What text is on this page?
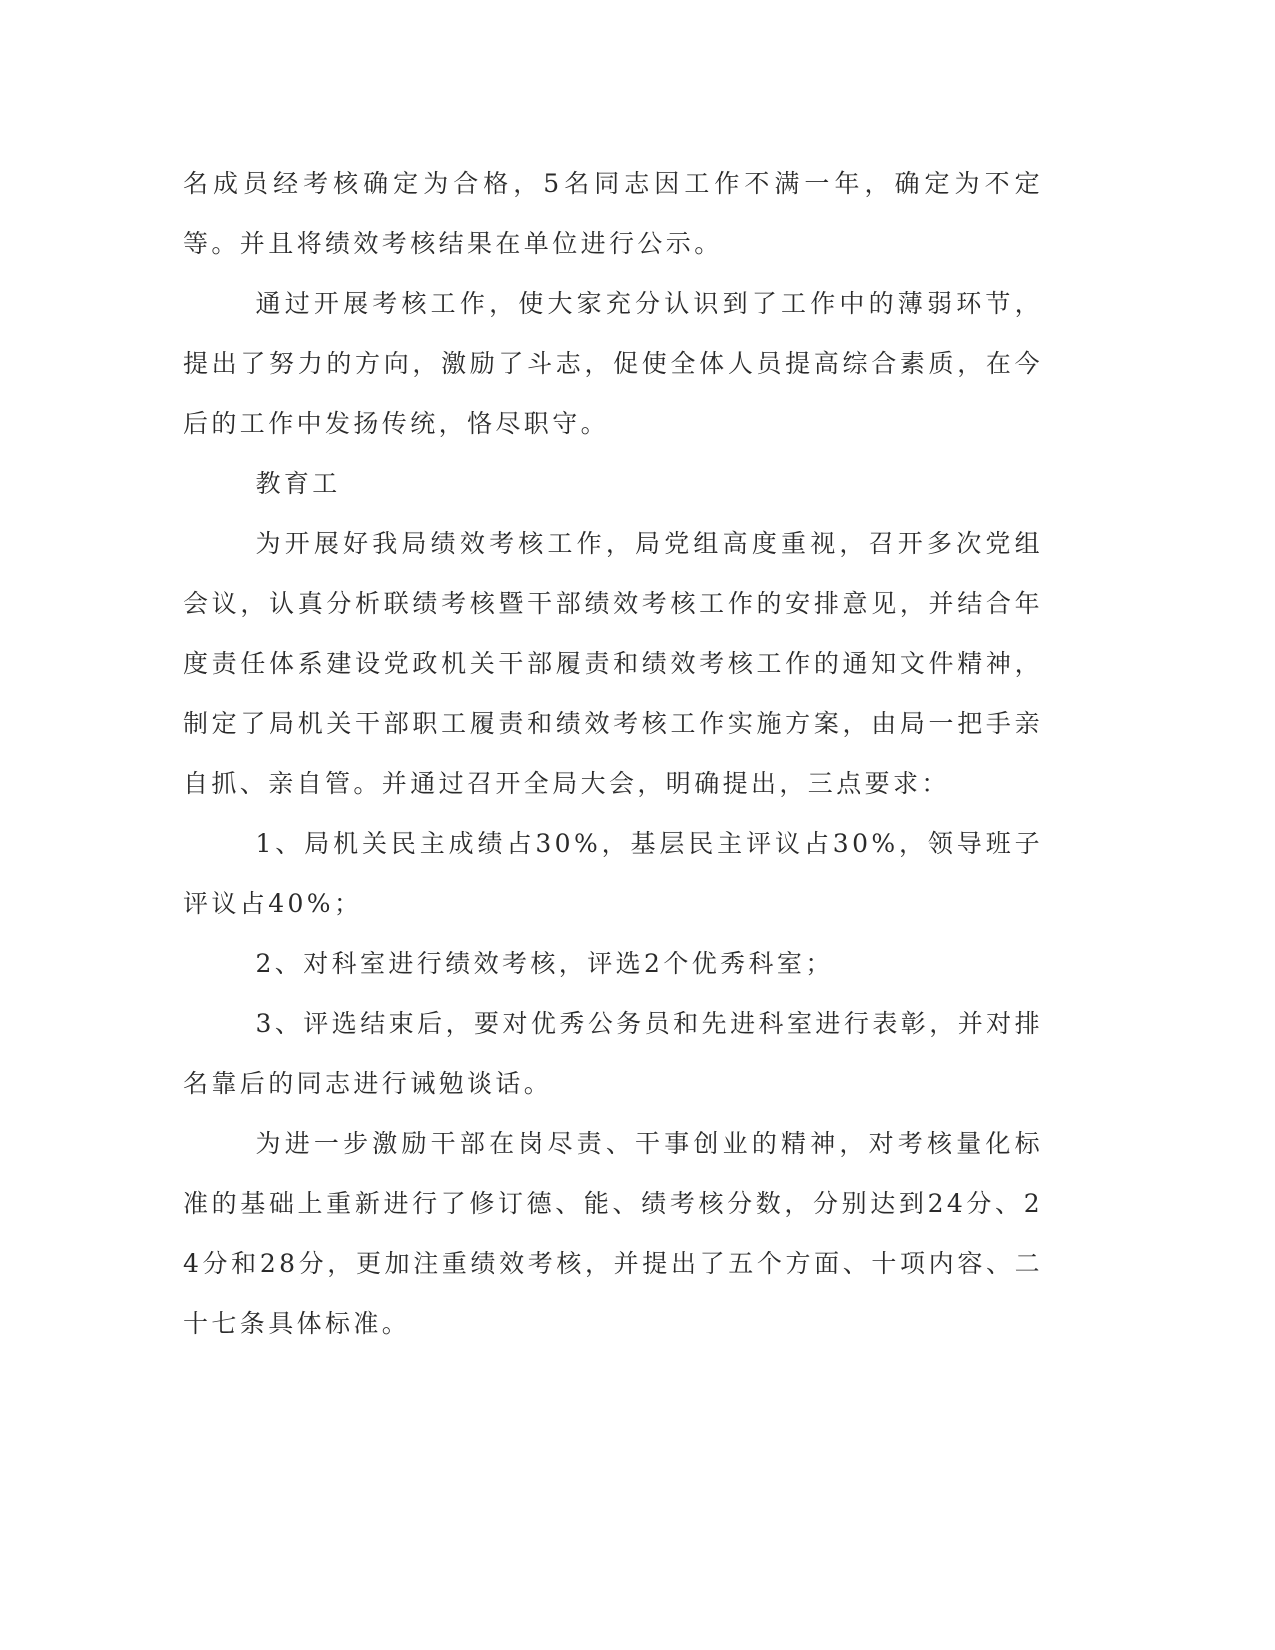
名成员经考核确定为合格，5名同志因工作不满一年，确定为不定等。并且将绩效考核结果在单位进行公示。

通过开展考核工作，使大家充分认识到了工作中的薄弱环节，提出了努力的方向，激励了斗志，促使全体人员提高综合素质，在今后的工作中发扬传统，恪尽职守。

教育工

为开展好我局绩效考核工作，局党组高度重视，召开多次党组会议，认真分析联绩考核暨干部绩效考核工作的安排意见，并结合年度责任体系建设党政机关干部履责和绩效考核工作的通知文件精神，制定了局机关干部职工履责和绩效考核工作实施方案，由局一把手亲自抓、亲自管。并通过召开全局大会，明确提出，三点要求：

1、局机关民主成绩占30%，基层民主评议占30%，领导班子评议占40%；

2、对科室进行绩效考核，评选2个优秀科室；

3、评选结束后，要对优秀公务员和先进科室进行表彰，并对排名靠后的同志进行诫勉谈话。

为进一步激励干部在岗尽责、干事创业的精神，对考核量化标准的基础上重新进行了修订德、能、绩考核分数，分别达到24分、24分和28分，更加注重绩效考核，并提出了五个方面、十项内容、二十七条具体标准。
